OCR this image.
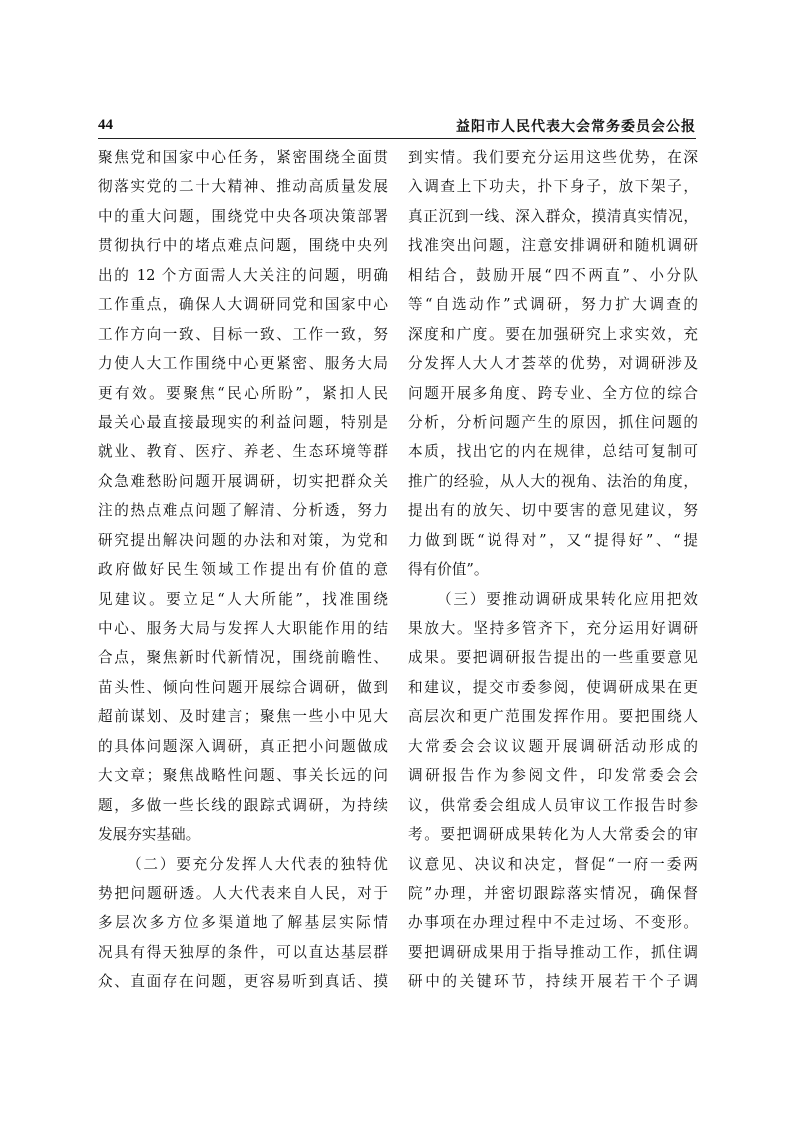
44	益阳市人民代表大会常务委员会公报
聚焦党和国家中心任务，紧密围绕全面贯
彻落实党的二十大精神、推动高质量发展
中的重大问题，围绕党中央各项决策部署
贯彻执行中的堵点难点问题，围绕中央列
出的 12 个方面需人大关注的问题，明确
工作重点，确保人大调研同党和国家中心
工作方向一致、目标一致、工作一致，努
力使人大工作围绕中心更紧密、服务大局
更有效。要聚焦“民心所盼”，紧扣人民
最关心最直接最现实的利益问题，特别是
就业、教育、医疗、养老、生态环境等群
众急难愁盼问题开展调研，切实把群众关
注的热点难点问题了解清、分析透，努力
研究提出解决问题的办法和对策，为党和
政府做好民生领域工作提出有价值的意
见建议。要立足“人大所能”，找准围绕
中心、服务大局与发挥人大职能作用的结
合点，聚焦新时代新情况，围绕前瞻性、
苗头性、倾向性问题开展综合调研，做到
超前谋划、及时建言；聚焦一些小中见大
的具体问题深入调研，真正把小问题做成
大文章；聚焦战略性问题、事关长远的问
题，多做一些长线的跟踪式调研，为持续
发展夯实基础。
（二）要充分发挥人大代表的独特优
势把问题研透。人大代表来自人民，对于
多层次多方位多渠道地了解基层实际情
况具有得天独厚的条件，可以直达基层群
众、直面存在问题，更容易听到真话、摸
到实情。我们要充分运用这些优势，在深
入调查上下功夫，扑下身子，放下架子，
真正沉到一线、深入群众，摸清真实情况，
找准突出问题，注意安排调研和随机调研
相结合，鼓励开展“四不两直”、小分队
等“自选动作”式调研，努力扩大调查的
深度和广度。要在加强研究上求实效，充
分发挥人大人才荟萃的优势，对调研涉及
问题开展多角度、跨专业、全方位的综合
分析，分析问题产生的原因，抓住问题的
本质，找出它的内在规律，总结可复制可
推广的经验，从人大的视角、法治的角度，
提出有的放矢、切中要害的意见建议，努
力做到既“说得对”，又“提得好”、“提
得有价值”。
（三）要推动调研成果转化应用把效
果放大。坚持多管齐下，充分运用好调研
成果。要把调研报告提出的一些重要意见
和建议，提交市委参阅，使调研成果在更
高层次和更广范围发挥作用。要把围绕人
大常委会会议议题开展调研活动形成的
调研报告作为参阅文件，印发常委会会
议，供常委会组成人员审议工作报告时参
考。要把调研成果转化为人大常委会的审
议意见、决议和决定，督促“一府一委两
院”办理，并密切跟踪落实情况，确保督
办事项在办理过程中不走过场、不变形。
要把调研成果用于指导推动工作，抓住调
研中的关键环节，持续开展若干个子调
